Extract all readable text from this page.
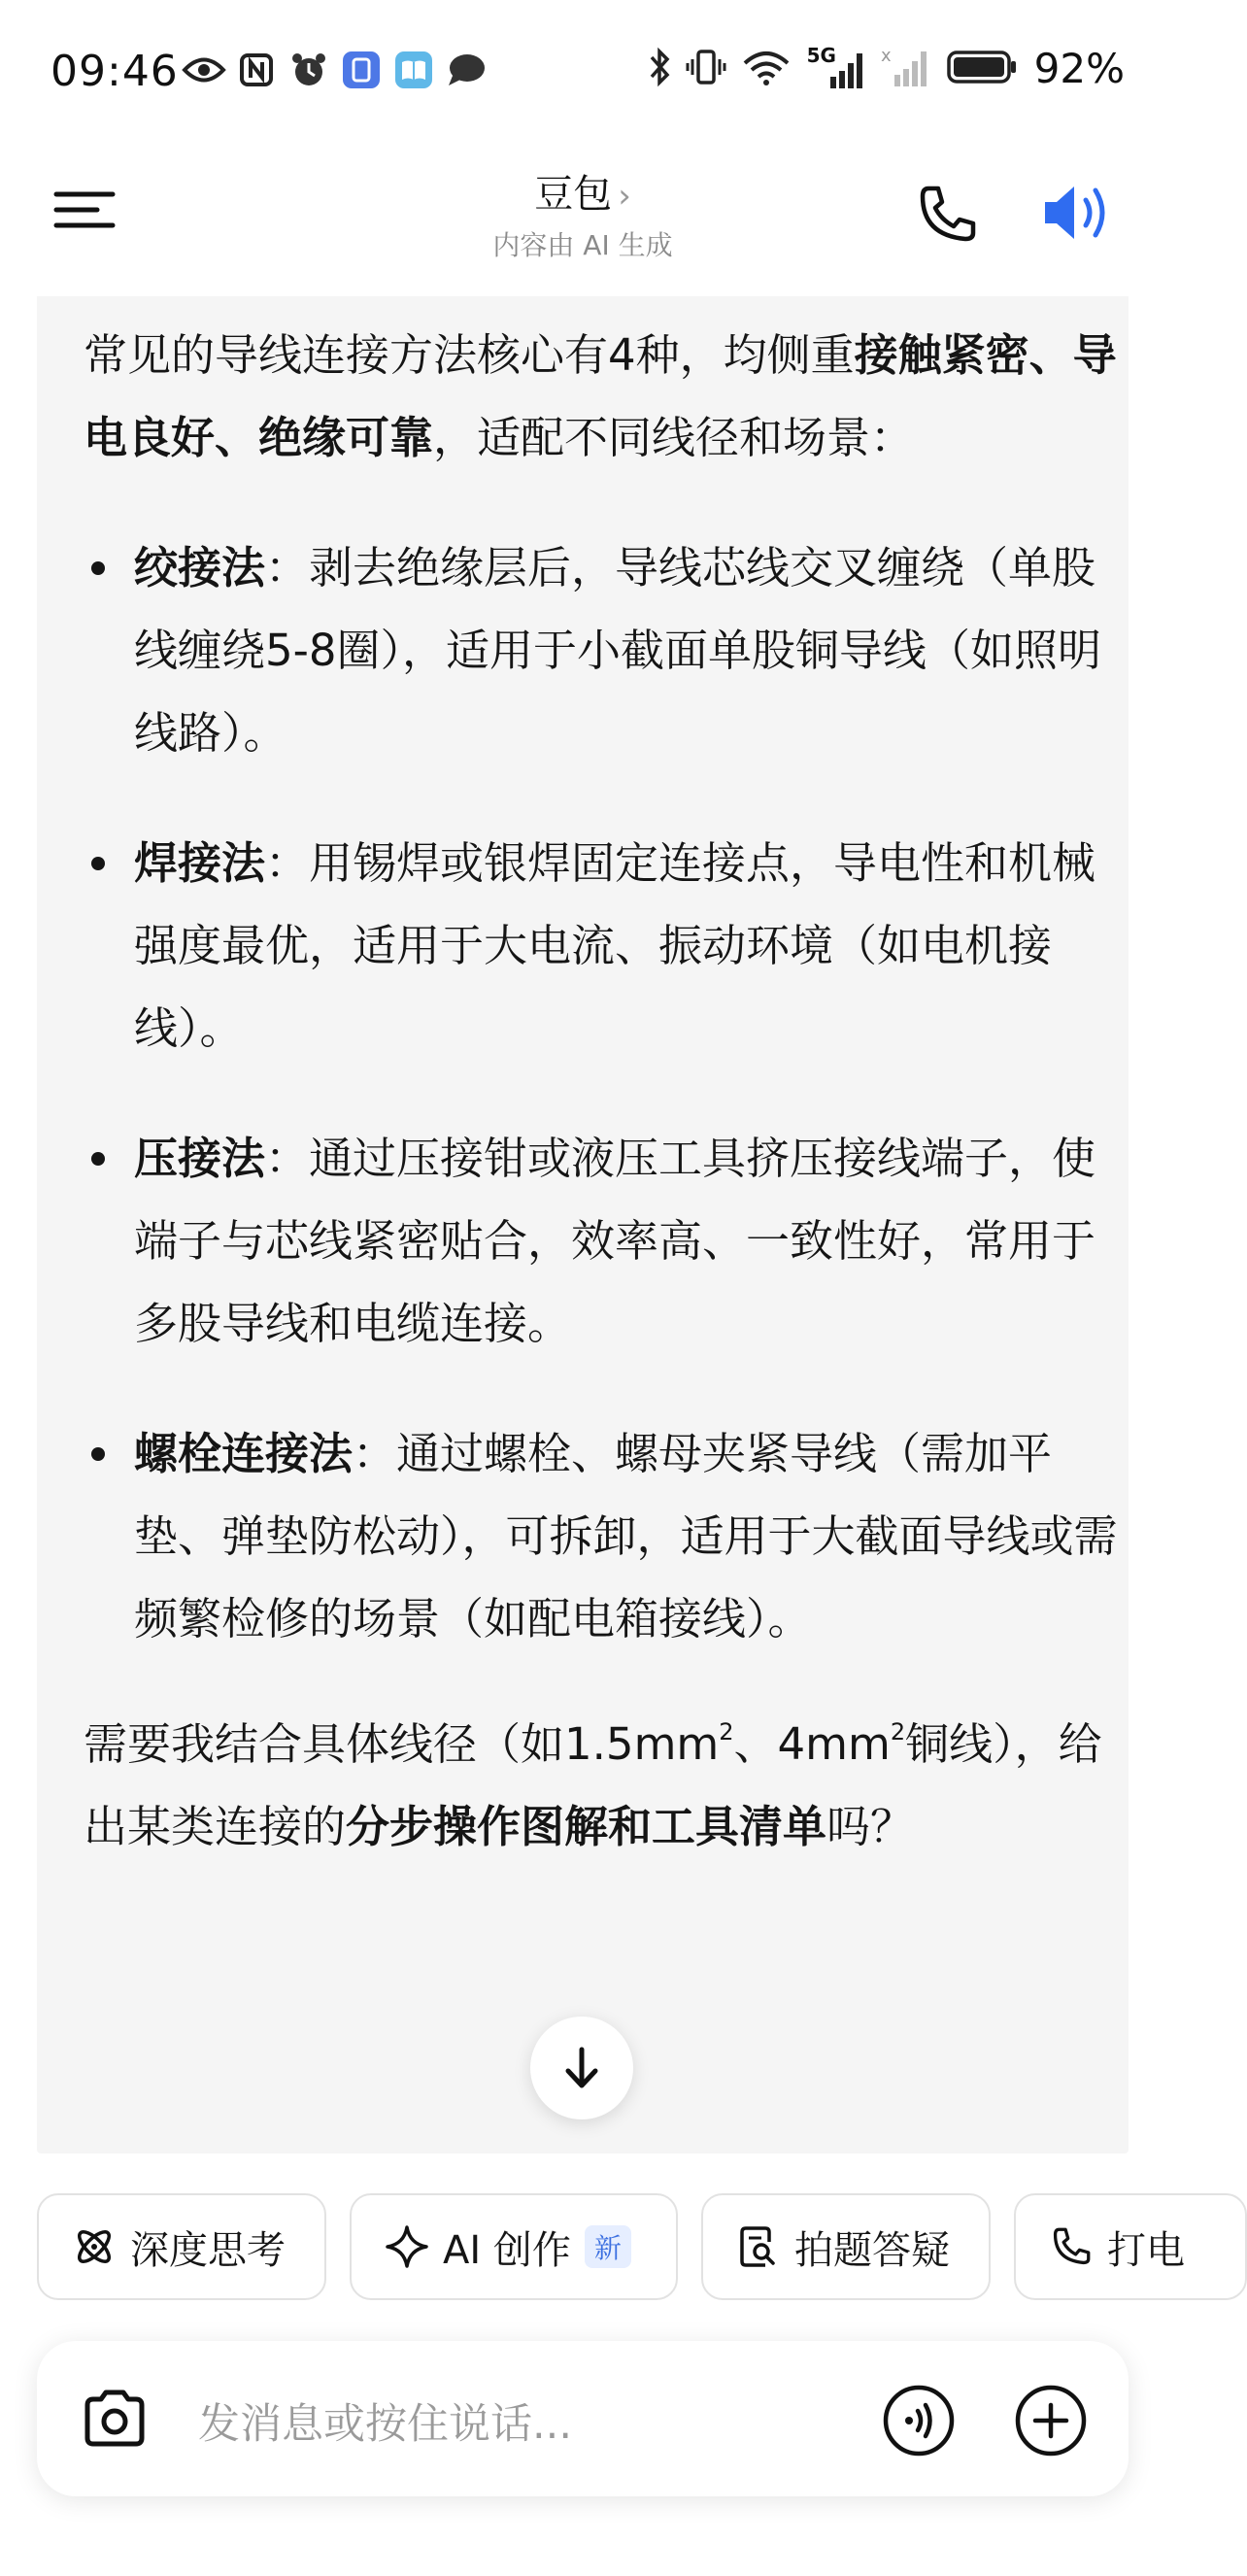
09:46	5G	x	92%
豆包 ›
内容由 AI 生成

常见的导线连接方法核心有4种，均侧重接触紧密、导电良好、绝缘可靠，适配不同线径和场景：

绞接法：剥去绝缘层后，导线芯线交叉缠绕（单股线缠绕5-8圈），适用于小截面单股铜导线（如照明线路）。
焊接法：用锡焊或银焊固定连接点，导电性和机械强度最优，适用于大电流、振动环境（如电机接线）。
压接法：通过压接钳或液压工具挤压接线端子，使端子与芯线紧密贴合，效率高、一致性好，常用于多股导线和电缆连接。
螺栓连接法：通过螺栓、螺母夹紧导线（需加平垫、弹垫防松动），可拆卸，适用于大截面导线或需频繁检修的场景（如配电箱接线）。

需要我结合具体线径（如$1.5mm^2$、$4mm^2$铜线），给出某类连接的分步操作图解和工具清单吗？

深度思考	AI 创作 新	拍题答疑	打电
发消息或按住说话...
